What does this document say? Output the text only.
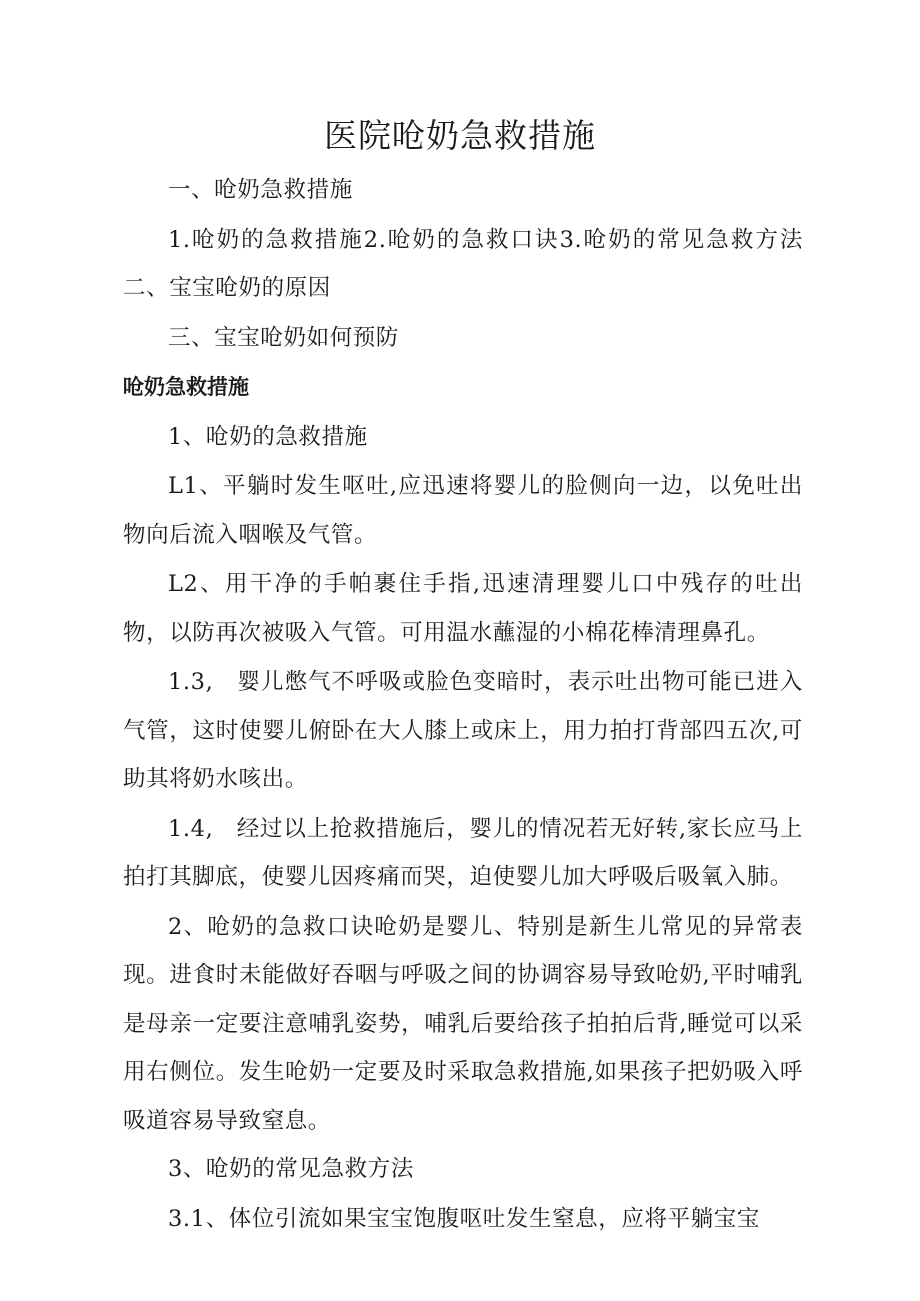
医院呛奶急救措施

一、呛奶急救措施

1.呛奶的急救措施2.呛奶的急救口诀3.呛奶的常见急救方法二、宝宝呛奶的原因

三、宝宝呛奶如何预防

呛奶急救措施

1、呛奶的急救措施

L1、平躺时发生呕吐,应迅速将婴儿的脸侧向一边，以免吐出物向后流入咽喉及气管。

L2、用干净的手帕裹住手指,迅速清理婴儿口中残存的吐出物，以防再次被吸入气管。可用温水蘸湿的小棉花棒清理鼻孔。

1.3,　婴儿憋气不呼吸或脸色变暗时，表示吐出物可能已进入气管，这时使婴儿俯卧在大人膝上或床上，用力拍打背部四五次,可助其将奶水咳出。

1.4,　经过以上抢救措施后，婴儿的情况若无好转,家长应马上拍打其脚底，使婴儿因疼痛而哭，迫使婴儿加大呼吸后吸氧入肺。

2、呛奶的急救口诀呛奶是婴儿、特别是新生儿常见的异常表现。进食时未能做好吞咽与呼吸之间的协调容易导致呛奶,平时哺乳是母亲一定要注意哺乳姿势，哺乳后要给孩子拍拍后背,睡觉可以采用右侧位。发生呛奶一定要及时采取急救措施,如果孩子把奶吸入呼吸道容易导致窒息。

3、呛奶的常见急救方法

3.1、体位引流如果宝宝饱腹呕吐发生窒息，应将平躺宝宝
